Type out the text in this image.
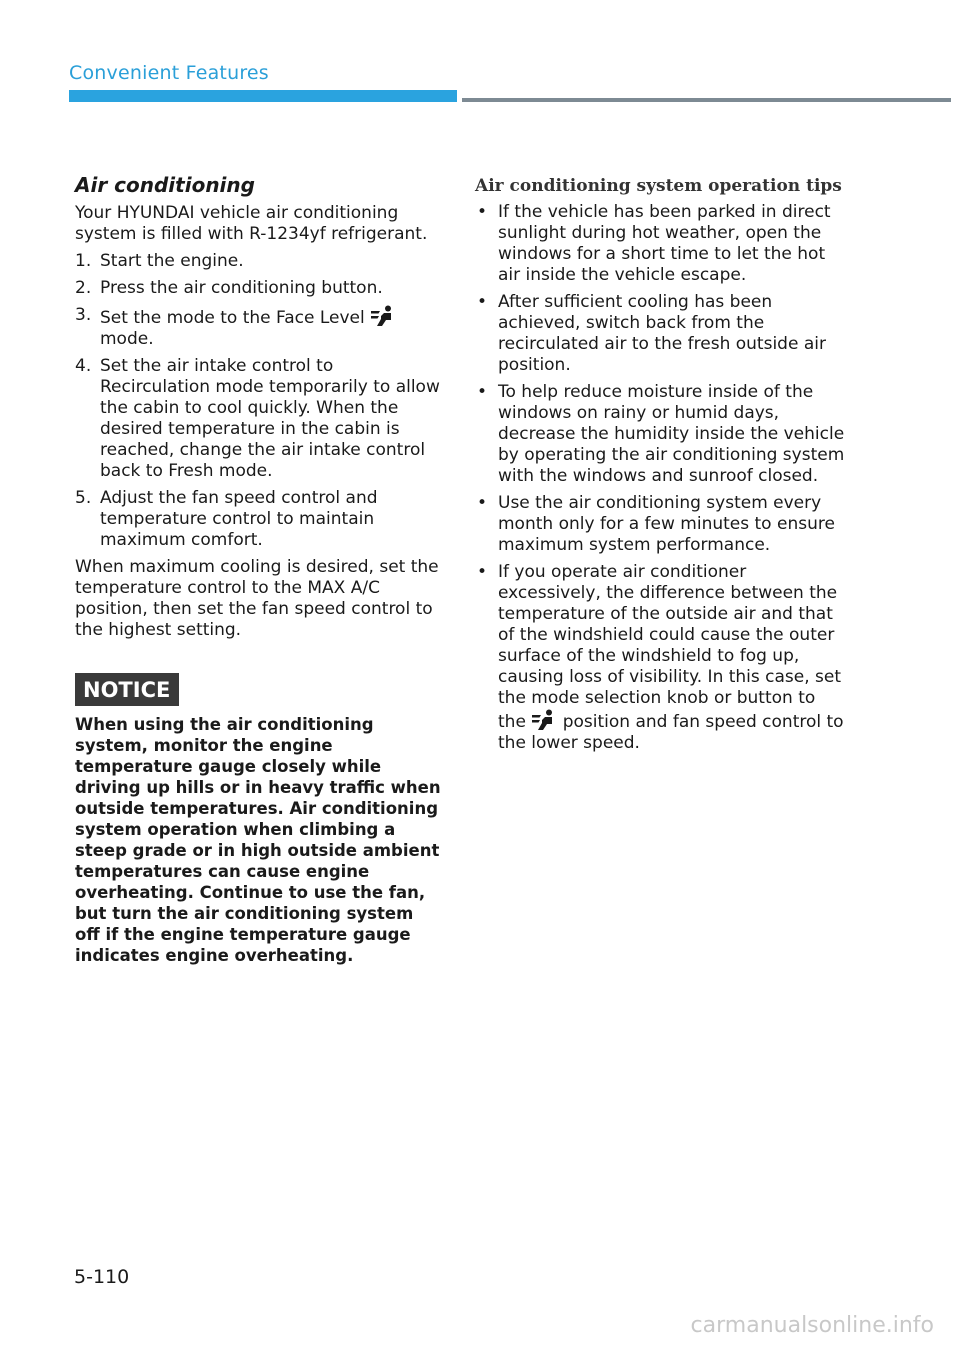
Convenient Features
Air conditioning

Your HYUNDAI vehicle air conditioning system is filled with R-1234yf refrigerant.

1. Start the engine.
2. Press the air conditioning button.
3. Set the mode to the Face Level  mode.
4. Set the air intake control to Recirculation mode temporarily to allow the cabin to cool quickly. When the desired temperature in the cabin is reached, change the air intake control back to Fresh mode.
5. Adjust the fan speed control and temperature control to maintain maximum comfort.

When maximum cooling is desired, set the temperature control to the MAX A/C position, then set the fan speed control to the highest setting.

NOTICE

When using the air conditioning system, monitor the engine temperature gauge closely while driving up hills or in heavy traffic when outside temperatures. Air conditioning system operation when climbing a steep grade or in high outside ambient temperatures can cause engine overheating. Continue to use the fan, but turn the air conditioning system off if the engine temperature gauge indicates engine overheating.

Air conditioning system operation tips
• If the vehicle has been parked in direct sunlight during hot weather, open the windows for a short time to let the hot air inside the vehicle escape.
• After sufficient cooling has been achieved, switch back from the recirculated air to the fresh outside air position.
• To help reduce moisture inside of the windows on rainy or humid days, decrease the humidity inside the vehicle by operating the air conditioning system with the windows and sunroof closed.
• Use the air conditioning system every month only for a few minutes to ensure maximum system performance.
• If you operate air conditioner excessively, the difference between the temperature of the outside air and that of the windshield could cause the outer surface of the windshield to fog up, causing loss of visibility. In this case, set the mode selection knob or button to the position and fan speed control to the lower speed.
5-110
carmanualsonline.info
